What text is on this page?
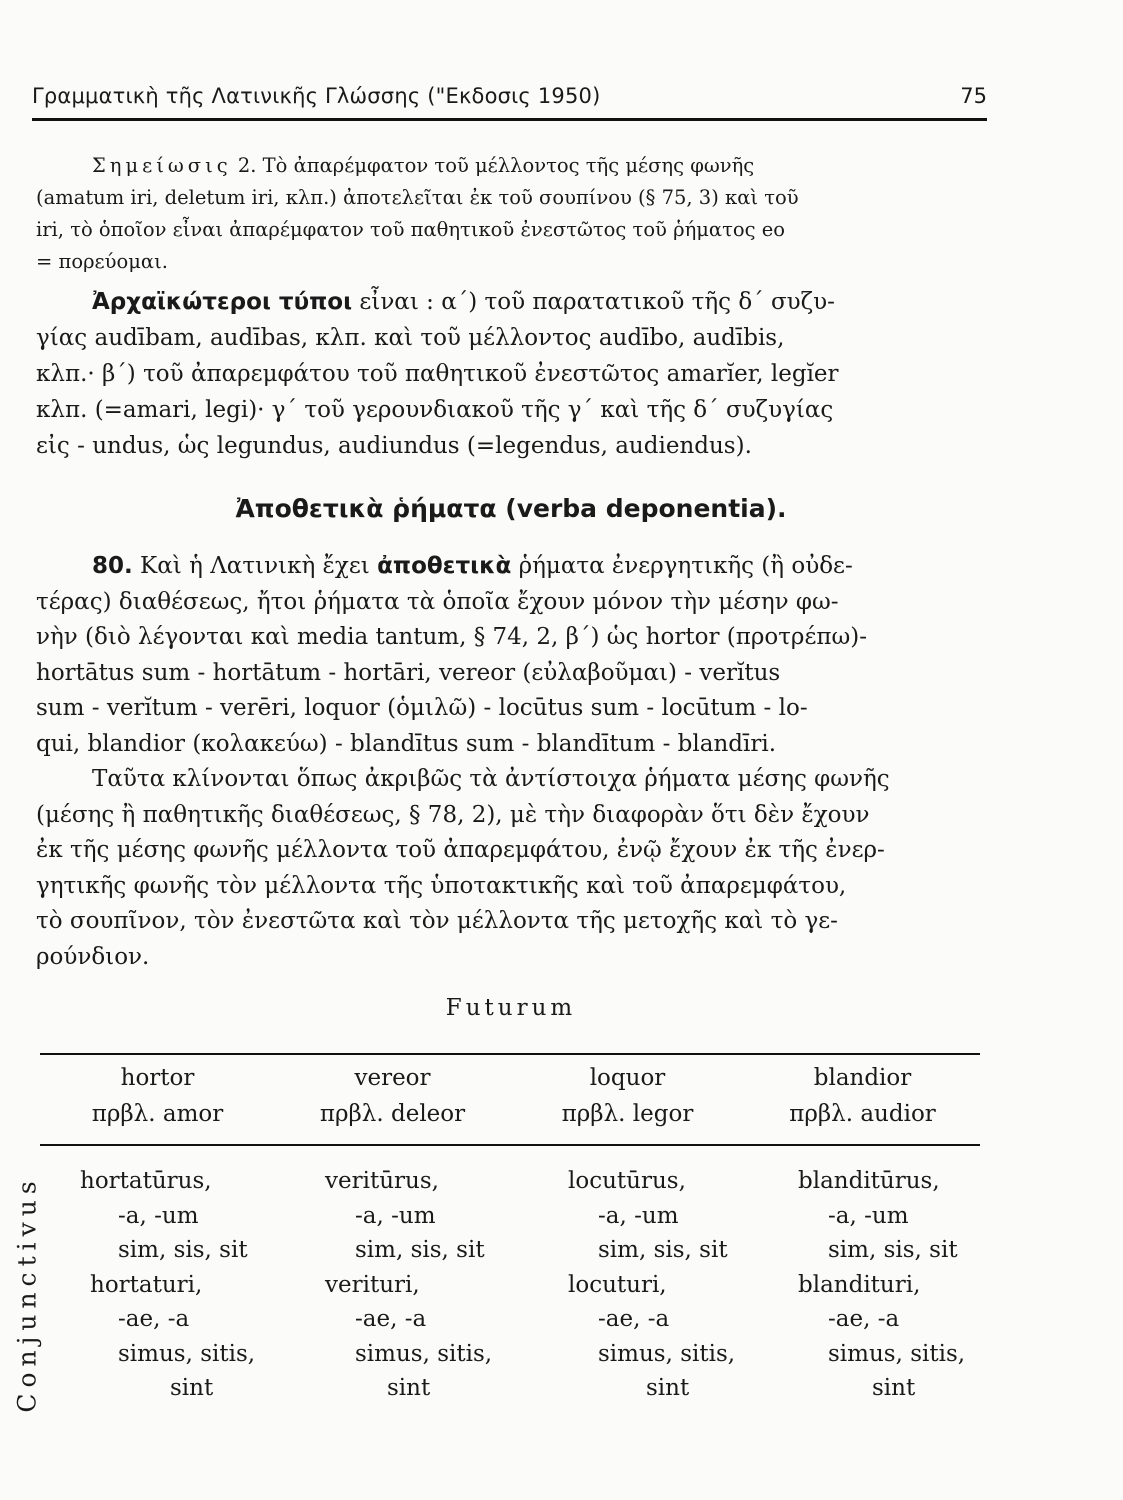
Γραμματικὴ τῆς Λατινικῆς Γλώσσης ("Εκδοσις 1950)	75
Σημείωσις 2. Τὸ ἀπαρέμφατον τοῦ μέλλοντος τῆς μέσης φωνῆς
(amatum iri, deletum iri, κλπ.) ἀποτελεῖται ἐκ τοῦ σουπίνου (§ 75, 3) καὶ τοῦ
iri, τὸ ὁποῖον εἶναι ἀπαρέμφατον τοῦ παθητικοῦ ἐνεστῶτος τοῦ ῥήματος eo
= πορεύομαι.
Ἀρχαϊκώτεροι τύποι εἶναι : α΄) τοῦ παρατατικοῦ τῆς δ΄ συζυ-
γίας audībam, audības, κλπ. καὶ τοῦ μέλλοντος audībo, audībis,
κλπ.· β΄) τοῦ ἀπαρεμφάτου τοῦ παθητικοῦ ἐνεστῶτος amarĭer, legĭer
κλπ. (=amari, legi)· γ΄ τοῦ γερουνδιακοῦ τῆς γ΄ καὶ τῆς δ΄ συζυγίας
εἰς - undus, ὡς legundus, audiundus (=legendus, audiendus).
Ἀποθετικὰ ῥήματα (verba deponentia).
80. Καὶ ἡ Λατινικὴ ἔχει ἀποθετικὰ ῥήματα ἐνεργητικῆς (ἢ οὐδε-
τέρας) διαθέσεως, ἤτοι ῥήματα τὰ ὁποῖα ἔχουν μόνον τὴν μέσην φω-
νὴν (διὸ λέγονται καὶ media tantum, § 74, 2, β΄) ὡς hortor (προτρέπω)-
hortātus sum - hortātum - hortāri, vereor (εὐλαβοῦμαι) - verĭtus
sum - verĭtum - verēri, loquor (ὁμιλῶ) - locūtus sum - locūtum - lo-
qui, blandior (κολακεύω) - blandītus sum - blandītum - blandīri.
Ταῦτα κλίνονται ὅπως ἀκριβῶς τὰ ἀντίστοιχα ῥήματα μέσης φωνῆς
(μέσης ἢ παθητικῆς διαθέσεως, § 78, 2), μὲ τὴν διαφορὰν ὅτι δὲν ἔχουν
ἐκ τῆς μέσης φωνῆς μέλλοντα τοῦ ἀπαρεμφάτου, ἐνῷ ἔχουν ἐκ τῆς ἐνερ-
γητικῆς φωνῆς τὸν μέλλοντα τῆς ὑποτακτικῆς καὶ τοῦ ἀπαρεμφάτου,
τὸ σουπῖνον, τὸν ἐνεστῶτα καὶ τὸν μέλλοντα τῆς μετοχῆς καὶ τὸ γε-
ρούνδιον.
Futurum
hortor
πρβλ. amor
vereor
πρβλ. deleor
loquor
πρβλ. legor
blandior
πρβλ. audior
Conjunctivus hortatūrus,
-a, -um
sim, sis, sit
hortaturi,
-ae, -a
simus, sitis,
sint
veritūrus,
-a, -um
sim, sis, sit
verituri,
-ae, -a
simus, sitis,
sint
locutūrus,
-a, -um
sim, sis, sit
locuturi,
-ae, -a
simus, sitis,
sint
blanditūrus,
-a, -um
sim, sis, sit
blandituri,
-ae, -a
simus, sitis,
sint
